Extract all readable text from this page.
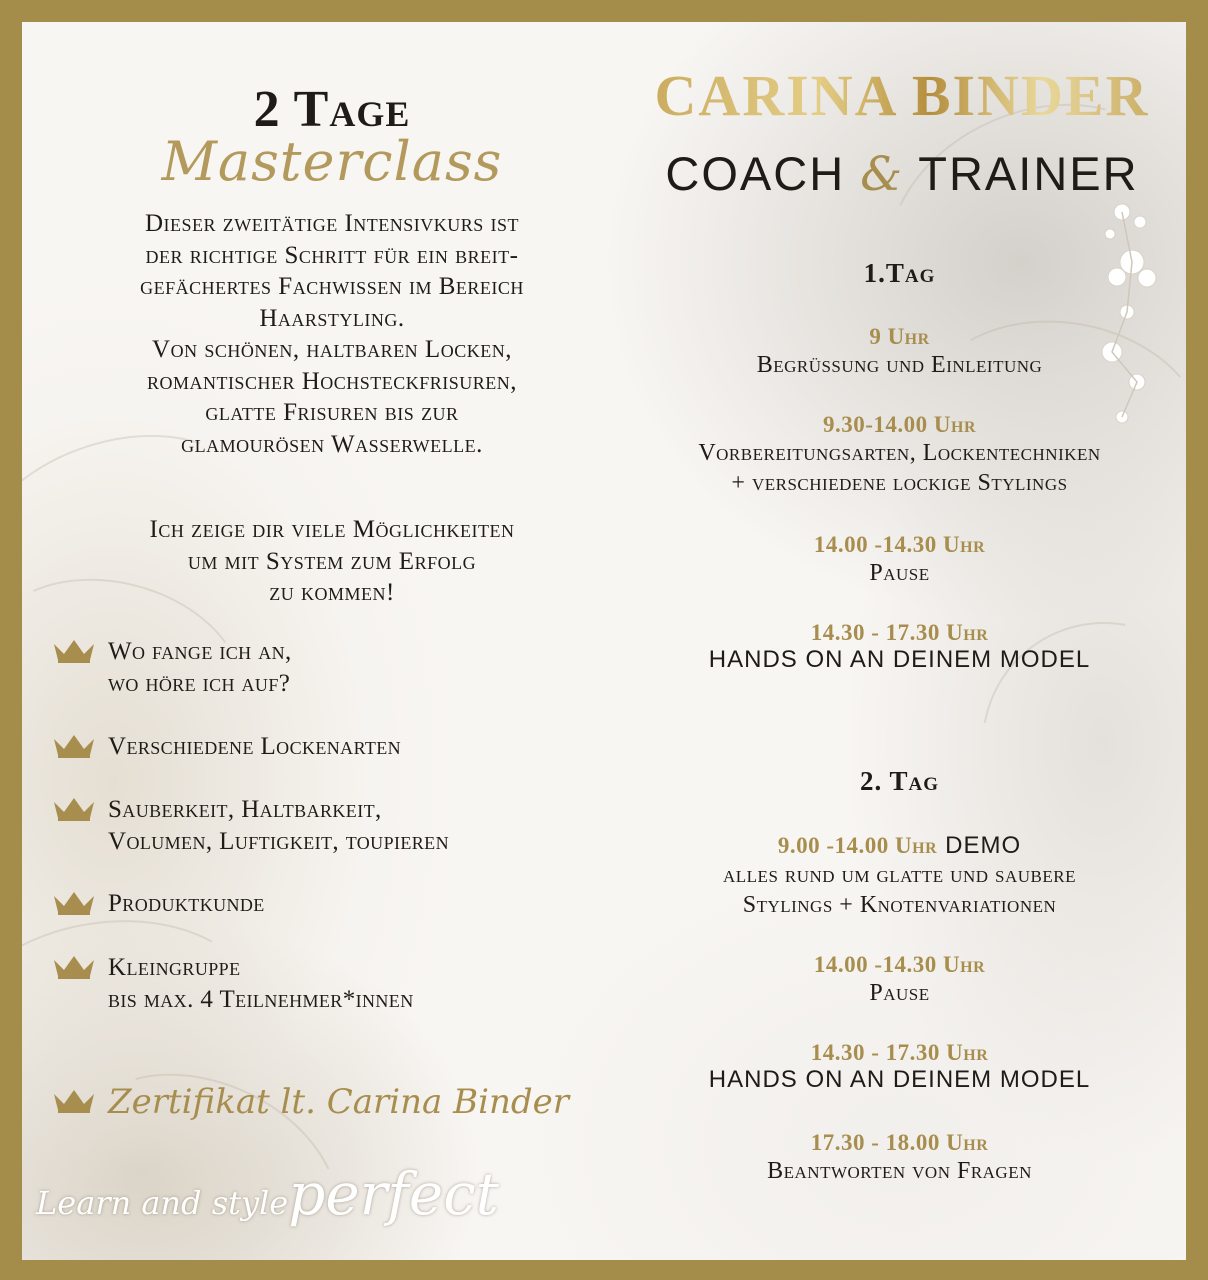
2 Tage
Masterclass
Dieser zweitätige Intensivkurs ist
der richtige Schritt für ein breit-
gefächertes Fachwissen im Bereich
Haarstyling.
Von schönen, haltbaren Locken,
romantischer Hochsteckfrisuren,
glatte Frisuren bis zur
glamourösen Wasserwelle.
Ich zeige dir viele Möglichkeiten
um mit System zum Erfolg
zu kommen!
Wo fange ich an,
wo höre ich auf?
Verschiedene Lockenarten
Sauberkeit, Haltbarkeit,
Volumen, Luftigkeit, toupieren
Produktkunde
Kleingruppe
bis max. 4 Teilnehmer*innen
Zertifikat lt. Carina Binder
Learn and styleperfect
CARINA BINDER
COACH & TRAINER
1.Tag
9 Uhr
Begrüssung und Einleitung
9.30-14.00 Uhr
Vorbereitungsarten, Lockentechniken
+ verschiedene lockige Stylings
14.00 -14.30 Uhr
Pause
14.30 - 17.30 Uhr
HANDS ON AN DEINEM MODEL
2. Tag
9.00 -14.00 Uhr DEMO
alles rund um glatte und saubere
Stylings + Knotenvariationen
14.00 -14.30 Uhr
Pause
14.30 - 17.30 Uhr
HANDS ON AN DEINEM MODEL
17.30 - 18.00 Uhr
Beantworten von Fragen
